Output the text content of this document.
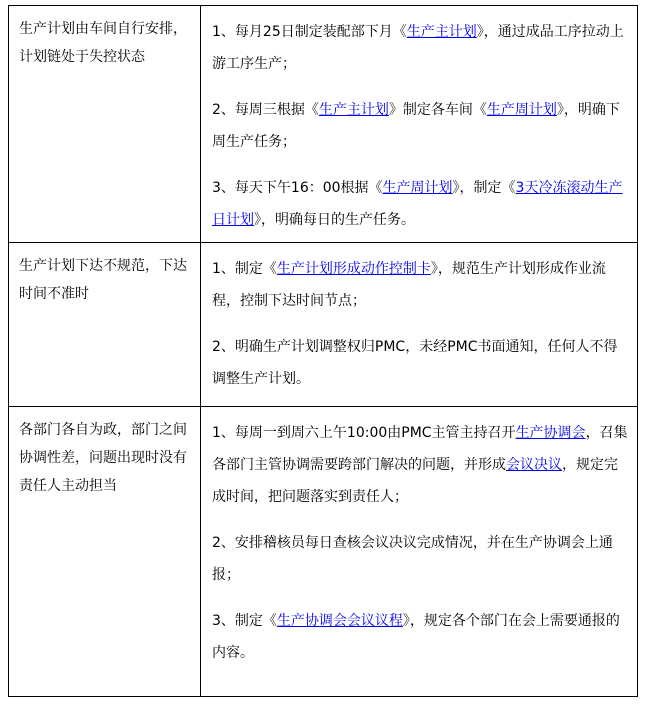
生产计划由车间自行安排，计划链处于失控状态	1、每月25日制定装配部下月《生产主计划》，通过成品工序拉动上游工序生产；
2、每周三根据《生产主计划》制定各车间《生产周计划》，明确下周生产任务；
3、每天下午16：00根据《生产周计划》，制定《3天冷冻滚动生产日计划》，明确每日的生产任务。

生产计划下达不规范，下达时间不准时	1、制定《生产计划形成动作控制卡》，规范生产计划形成作业流程，控制下达时间节点；
2、明确生产计划调整权归PMC，未经PMC书面通知，任何人不得调整生产计划。

各部门各自为政，部门之间协调性差，问题出现时没有责任人主动担当	1、每周一到周六上午10:00由PMC主管主持召开生产协调会，召集各部门主管协调需要跨部门解决的问题，并形成会议决议，规定完成时间，把问题落实到责任人；
2、安排稽核员每日查核会议决议完成情况，并在生产协调会上通报；
3、制定《生产协调会会议议程》，规定各个部门在会上需要通报的内容。
